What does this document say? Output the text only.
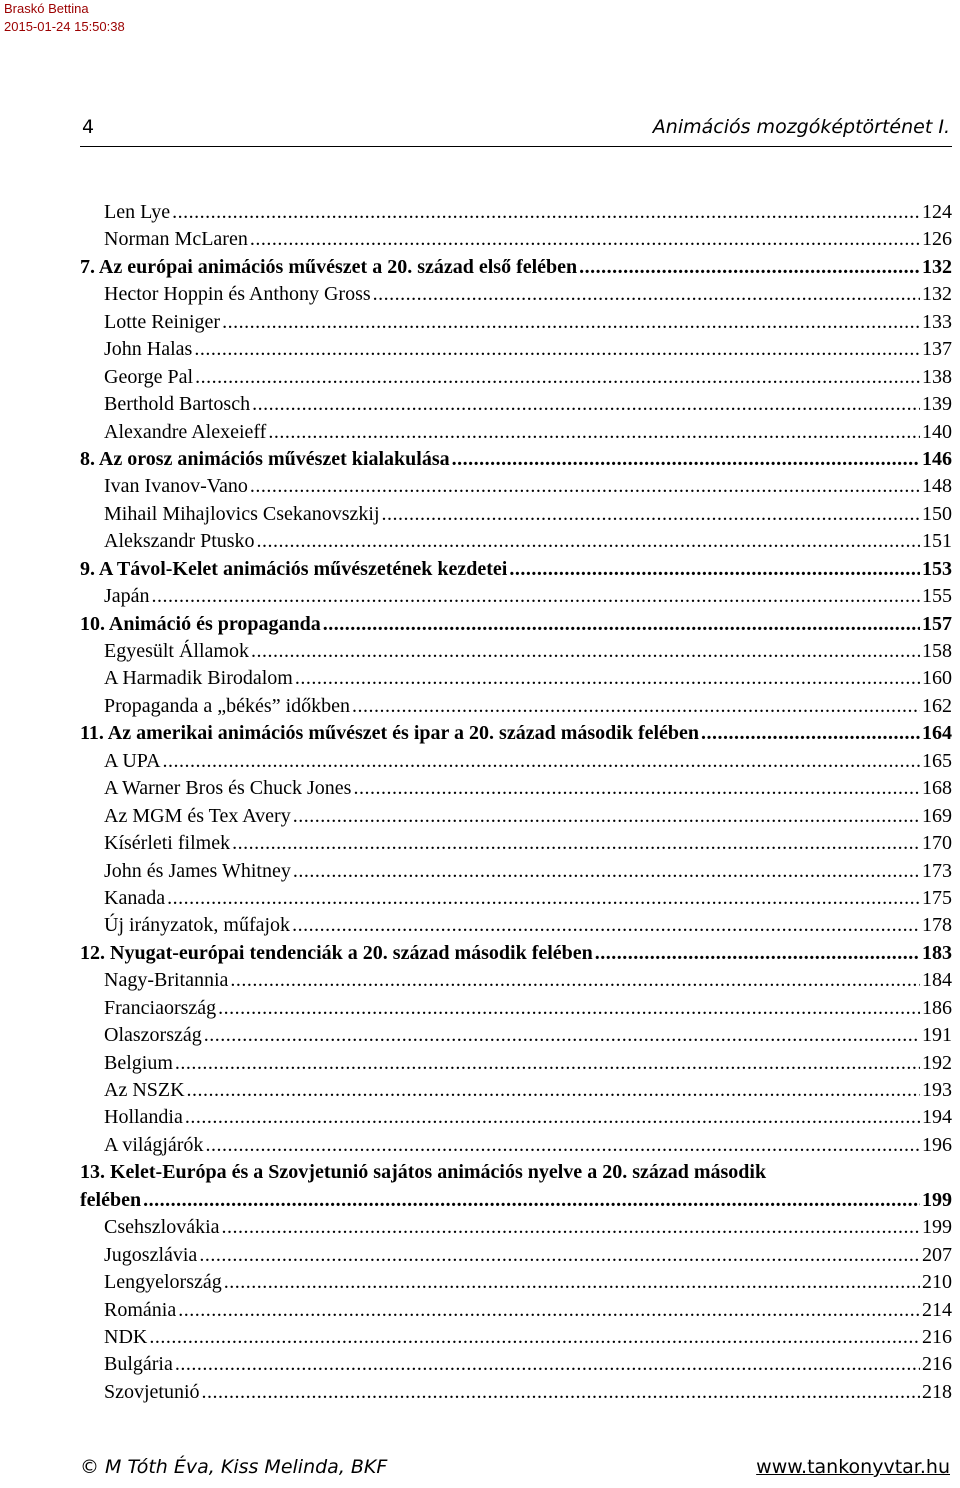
Braskó Bettina
2015-01-24 15:50:38
4	Animációs mozgóképtörténet I.
Len Lye .....	124
Norman McLaren .....	126
7. Az európai animációs művészet a 20. század első felében .....	132
Hector Hoppin és Anthony Gross .....	132
Lotte Reiniger .....	133
John Halas .....	137
George Pal .....	138
Berthold Bartosch .....	139
Alexandre Alexeieff .....	140
8. Az orosz animációs művészet kialakulása .....	146
Ivan Ivanov-Vano .....	148
Mihail Mihajlovics Csekanovszkij .....	150
Alekszandr Ptusko .....	151
9. A Távol-Kelet animációs művészetének kezdetei .....	153
Japán .....	155
10. Animáció és propaganda .....	157
Egyesült Államok .....	158
A Harmadik Birodalom .....	160
Propaganda a „békés” időkben .....	162
11. Az amerikai animációs művészet és ipar a 20. század második felében .....	164
A UPA .....	165
A Warner Bros és Chuck Jones .....	168
Az MGM és Tex Avery .....	169
Kísérleti filmek .....	170
John és James Whitney .....	173
Kanada .....	175
Új irányzatok, műfajok .....	178
12. Nyugat-európai tendenciák a 20. század második felében .....	183
Nagy-Britannia .....	184
Franciaország .....	186
Olaszország .....	191
Belgium .....	192
Az NSZK .....	193
Hollandia .....	194
A világjárók .....	196
13. Kelet-Európa és a Szovjetunió sajátos animációs nyelve a 20. század második
felében .....	199
Csehszlovákia .....	199
Jugoszlávia .....	207
Lengyelország .....	210
Románia .....	214
NDK .....	216
Bulgária .....	216
Szovjetunió .....	218
© M Tóth Éva, Kiss Melinda, BKF	www.tankonyvtar.hu
